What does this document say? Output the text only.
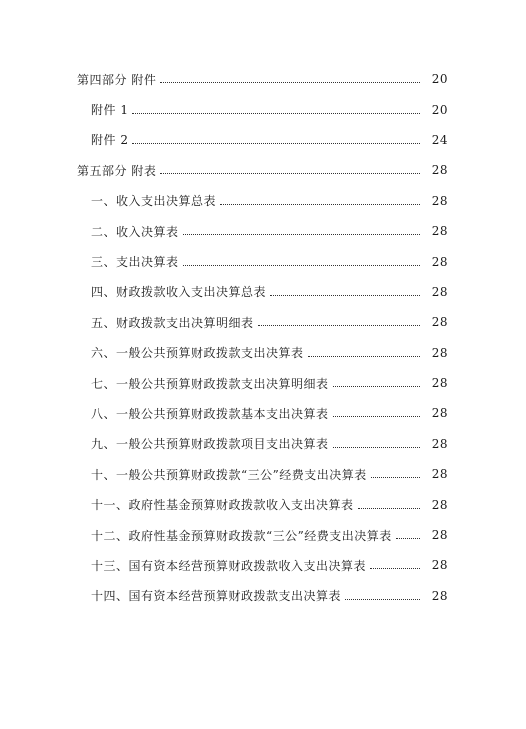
第四部分 附件	20
附件 1	20
附件 2	24
第五部分 附表	28
一、收入支出决算总表	28
二、收入决算表	28
三、支出决算表	28
四、财政拨款收入支出决算总表	28
五、财政拨款支出决算明细表	28
六、一般公共预算财政拨款支出决算表	28
七、一般公共预算财政拨款支出决算明细表	28
八、一般公共预算财政拨款基本支出决算表	28
九、一般公共预算财政拨款项目支出决算表	28
十、一般公共预算财政拨款“三公”经费支出决算表	28
十一、政府性基金预算财政拨款收入支出决算表	28
十二、政府性基金预算财政拨款“三公”经费支出决算表	28
十三、国有资本经营预算财政拨款收入支出决算表	28
十四、国有资本经营预算财政拨款支出决算表	28
